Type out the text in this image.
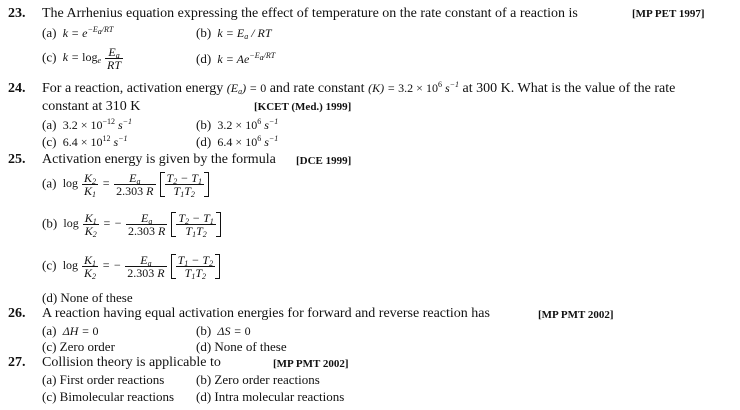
23. The Arrhenius equation expressing the effect of temperature on the rate constant of a reaction is	[MP PET 1997]
(a)  $k = e^{-E_a/RT}$	(b)  $k = E_a$ / RT
(c)  $k = \log_e \frac{E_a}{RT}$	(d)  $k = Ae^{-E_a/RT}$
24. For a reaction, activation energy $(E_a) = 0$ and rate constant $(K) = 3.2 \times 10^6$ $s^{-1}$ at 300 K. What is the value of the rate
constant at 310 K	[KCET (Med.) 1999]
(a) $3.2 \times 10^{-12}$ $s^{-1}$	(b) $3.2 \times 10^6$ $s^{-1}$
(c) $6.4 \times 10^{12}$ $s^{-1}$	(d) $6.4 \times 10^6$ $s^{-1}$
25. Activation energy is given by the formula [DCE 1999]
(a) $\log \frac{K_2}{K_1} = \frac{E_a}{2.303 R}$
$\frac{T_2 - T_1}{T_1T_2}$
(b) $\log \frac{K_1}{K_2}$ = − $\frac{E_a}{2.303 R}$
$\frac{T_2 - T_1}{T_1T_2}$
(c) $\log \frac{K_1}{K_2}$ = − $\frac{E_a}{2.303 R}$
$\frac{T_1 - T_2}{T_1T_2}$
(d) None of these
26. A reaction having equal activation energies for forward and reverse reaction has	[MP PMT 2002]
(a)  ΔH = 0	(b)  ΔS = 0
(c) Zero order	(d) None of these
27. Collision theory is applicable to	[MP PMT 2002]
(a) First order reactions (b) Zero order reactions
(c) Bimolecular reactions (d) Intra molecular reactions
